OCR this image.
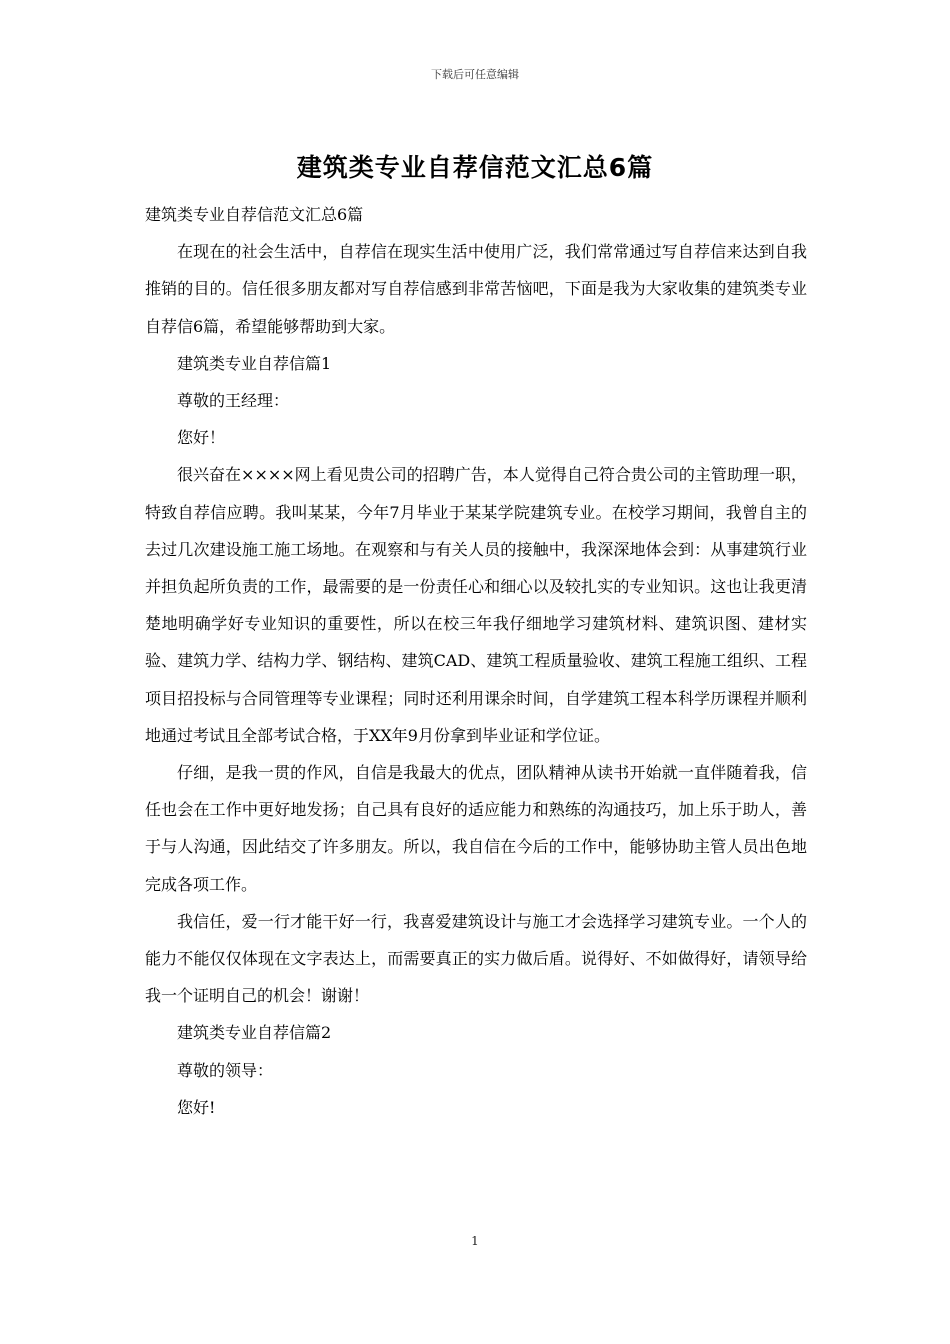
下载后可任意编辑
建筑类专业自荐信范文汇总6篇

建筑类专业自荐信范文汇总6篇

在现在的社会生活中，自荐信在现实生活中使用广泛，我们常常通过写自荐信来达到自我推销的目的。信任很多朋友都对写自荐信感到非常苦恼吧，下面是我为大家收集的建筑类专业自荐信6篇，希望能够帮助到大家。

建筑类专业自荐信篇1

尊敬的王经理：

您好！

很兴奋在××××网上看见贵公司的招聘广告，本人觉得自己符合贵公司的主管助理一职，特致自荐信应聘。我叫某某，今年7月毕业于某某学院建筑专业。在校学习期间，我曾自主的去过几次建设施工施工场地。在观察和与有关人员的接触中，我深深地体会到：从事建筑行业并担负起所负责的工作，最需要的是一份责任心和细心以及较扎实的专业知识。这也让我更清楚地明确学好专业知识的重要性，所以在校三年我仔细地学习建筑材料、建筑识图、建材实验、建筑力学、结构力学、钢结构、建筑CAD、建筑工程质量验收、建筑工程施工组织、工程项目招投标与合同管理等专业课程；同时还利用课余时间，自学建筑工程本科学历课程并顺利地通过考试且全部考试合格，于XX年9月份拿到毕业证和学位证。

仔细，是我一贯的作风，自信是我最大的优点，团队精神从读书开始就一直伴随着我，信任也会在工作中更好地发扬；自己具有良好的适应能力和熟练的沟通技巧，加上乐于助人，善于与人沟通，因此结交了许多朋友。所以，我自信在今后的工作中，能够协助主管人员出色地完成各项工作。

我信任，爱一行才能干好一行，我喜爱建筑设计与施工才会选择学习建筑专业。一个人的能力不能仅仅体现在文字表达上，而需要真正的实力做后盾。说得好、不如做得好，请领导给我一个证明自己的机会！谢谢！

建筑类专业自荐信篇2

尊敬的领导：

您好!

1
